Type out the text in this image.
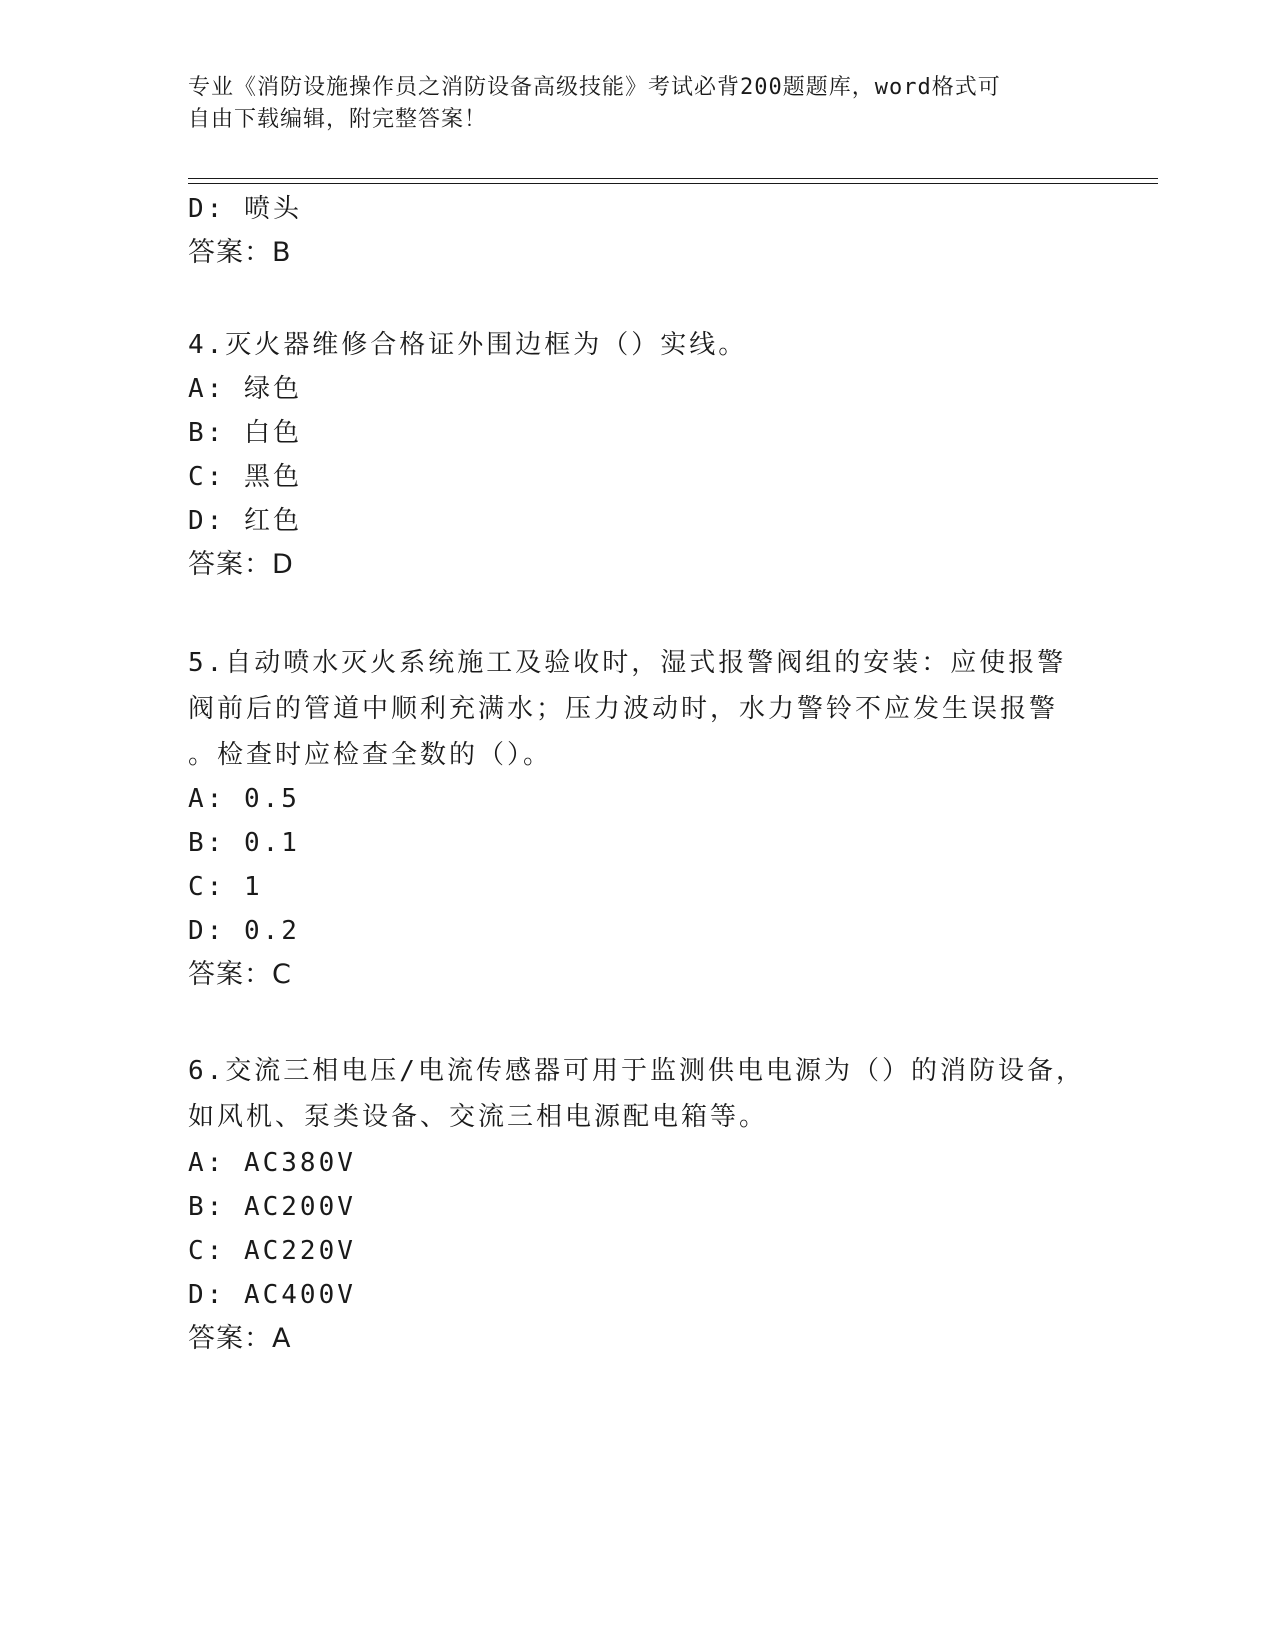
专业《消防设施操作员之消防设备高级技能》考试必背200题题库，word格式可
自由下载编辑，附完整答案！
D: 喷头
答案：B
4.灭火器维修合格证外围边框为（）实线。
A: 绿色
B: 白色
C: 黑色
D: 红色
答案：D
5.自动喷水灭火系统施工及验收时，湿式报警阀组的安装：应使报警
阀前后的管道中顺利充满水；压力波动时，水力警铃不应发生误报警
。检查时应检查全数的（）。
A: 0.5
B: 0.1
C: 1
D: 0.2
答案：C
6.交流三相电压/电流传感器可用于监测供电电源为（）的消防设备，
如风机、泵类设备、交流三相电源配电箱等。
A: AC380V
B: AC200V
C: AC220V
D: AC400V
答案：A
